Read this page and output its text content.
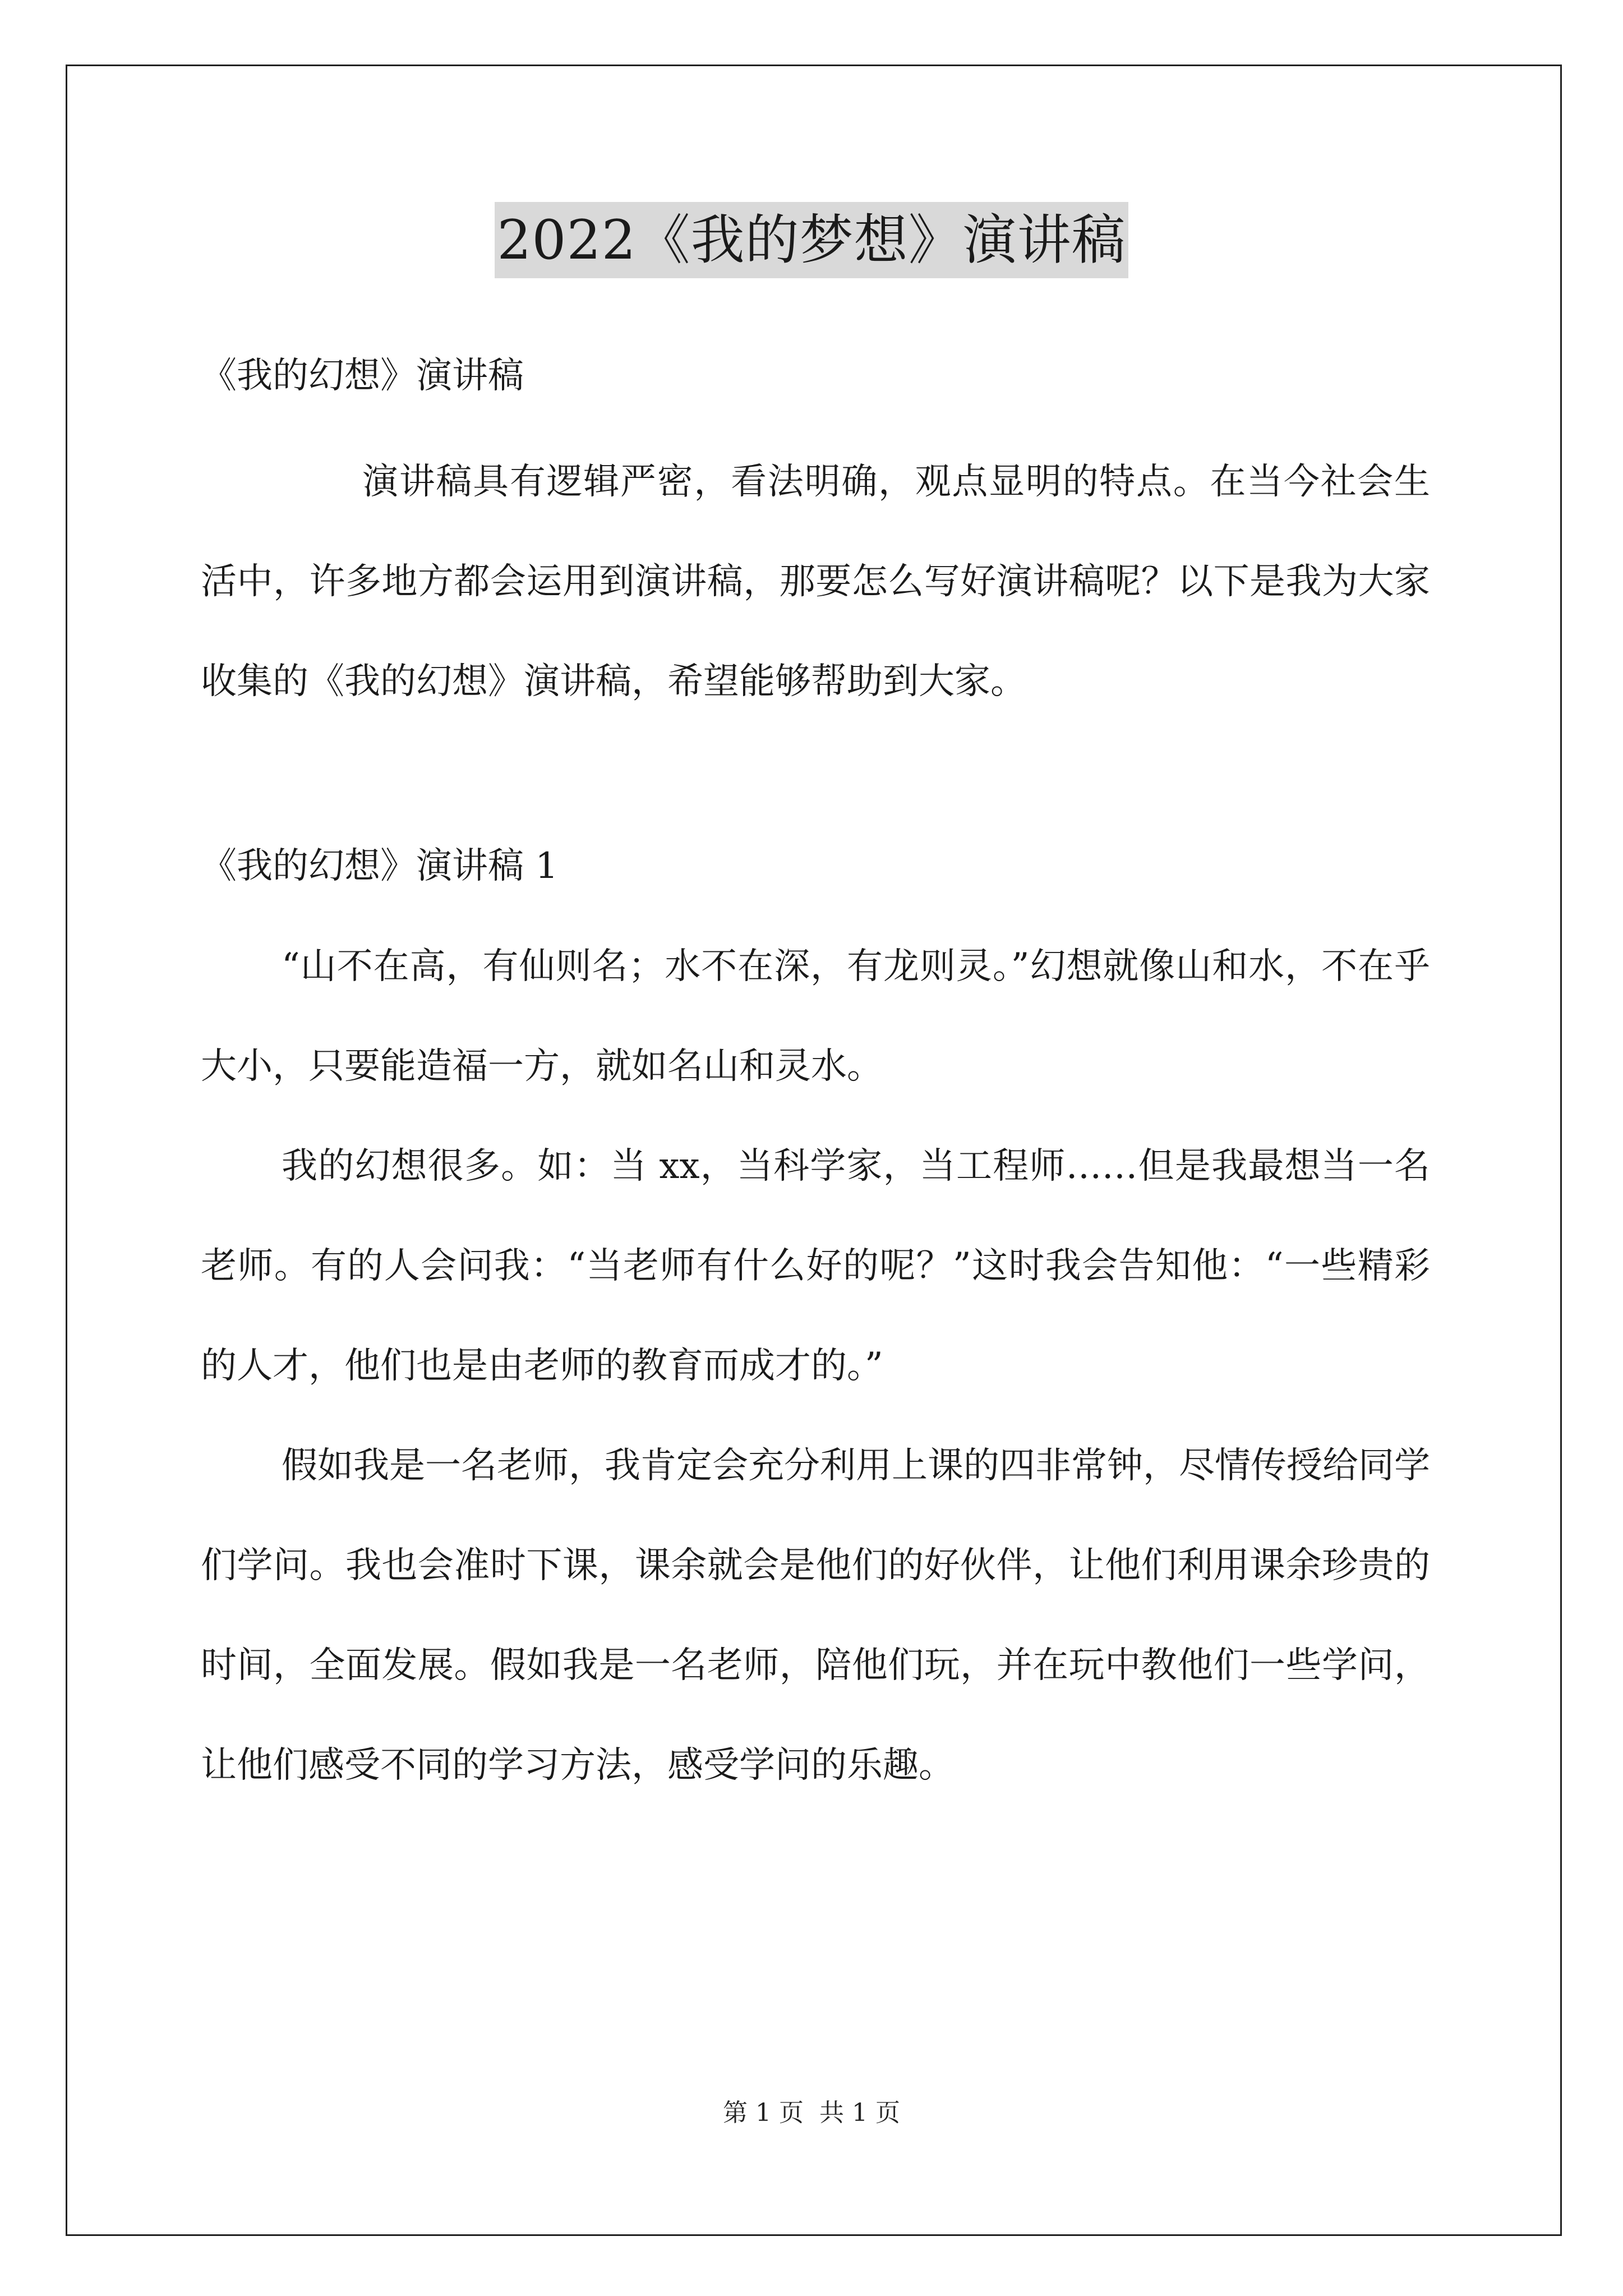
2022《我的梦想》演讲稿

《我的幻想》演讲稿

演讲稿具有逻辑严密，看法明确，观点显明的特点。在当今社会生活中，许多地方都会运用到演讲稿，那要怎么写好演讲稿呢？以下是我为大家收集的《我的幻想》演讲稿，希望能够帮助到大家。

《我的幻想》演讲稿 1

“山不在高，有仙则名；水不在深，有龙则灵。”幻想就像山和水，不在乎大小，只要能造福一方，就如名山和灵水。

我的幻想很多。如：当 xx，当科学家，当工程师……但是我最想当一名老师。有的人会问我：“当老师有什么好的呢？”这时我会告知他：“一些精彩的人才，他们也是由老师的教育而成才的。”

假如我是一名老师，我肯定会充分利用上课的四非常钟，尽情传授给同学们学问。我也会准时下课，课余就会是他们的好伙伴，让他们利用课余珍贵的时间，全面发展。假如我是一名老师，陪他们玩，并在玩中教他们一些学问，让他们感受不同的学习方法，感受学问的乐趣。

第 1 页 共 1 页
